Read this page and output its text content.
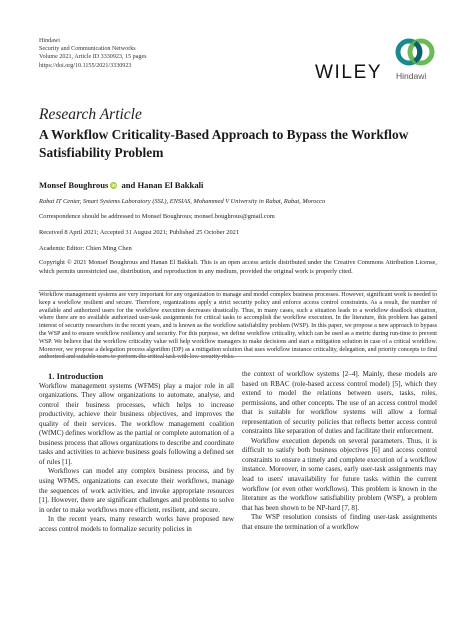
Hindawi
Security and Communication Networks
Volume 2021, Article ID 3330923, 15 pages
https://doi.org/10.1155/2021/3330923	WILEY Hindawi
Research Article
A Workflow Criticality-Based Approach to Bypass the Workflow Satisfiability Problem
Monsef Boughrous iD and Hanan El Bakkali
Rabat IT Center, Smart Systems Laboratory (SSL), ENSIAS, Mohammed V University in Rabat, Rabat, Morocco
Correspondence should be addressed to Monsef Boughrous; monsef.boughrous@gmail.com
Received 8 April 2021; Accepted 31 August 2021; Published 25 October 2021
Academic Editor: Chien Ming Chen
Copyright © 2021 Monsef Boughrous and Hanan El Bakkali. This is an open access article distributed under the Creative Commons Attribution License, which permits unrestricted use, distribution, and reproduction in any medium, provided the original work is properly cited.
Workflow management systems are very important for any organization to manage and model complex business processes. However, significant work is needed to keep a workflow resilient and secure. Therefore, organizations apply a strict security policy and enforce access control constraints. As a result, the number of available and authorized users for the workflow execution decreases drastically. Thus, in many cases, such a situation leads to a workflow deadlock situation, where there are no available authorized user-task assignments for critical tasks to accomplish the workflow execution. In the literature, this problem has gained interest of security researchers in the recent years, and is known as the workflow satisfiability problem (WSP). In this paper, we propose a new approach to bypass the WSP and to ensure workflow resiliency and security. For this purpose, we define workflow criticality, which can be used as a metric during run-time to prevent WSP. We believe that the workflow criticality value will help workflow managers to make decisions and start a mitigation solution in case of a critical workflow. Moreover, we propose a delegation process algorithm (DP) as a mitigation solution that uses workflow instance criticality, delegation, and priority concepts to find authorized and suitable users to perform the critical task with low-security risks.

1. Introduction

Workflow management systems (WFMS) play a major role in all organizations. They allow organizations to automate, analyse, and control their business processes, which helps to increase productivity, achieve their business objectives, and improves the quality of their services. The workflow management coalition (WfMC) defines workflow as the partial or complete automation of a business process that allows organizations to describe and coordinate tasks and activities to achieve business goals following a defined set of rules [1].

Workflows can model any complex business process, and by using WFMS, organizations can execute their workflows, manage the sequences of work activities, and invoke appropriate resources [1]. However, there are significant challenges and problems to solve in order to make workflows more efficient, resilient, and secure.

In the recent years, many research works have proposed new access control models to formalize security policies in

the context of workflow systems [2–4]. Mainly, these models are based on RBAC (role-based access control model) [5], which they extend to model the relations between users, tasks, roles, permissions, and other concepts. The use of an access control model that is suitable for workflow systems will allow a formal representation of security policies that reflects better access control constraints like separation of duties and facilitate their enforcement.

Workflow execution depends on several parameters. Thus, it is difficult to satisfy both business objectives [6] and access control constraints to ensure a timely and complete execution of a workflow instance. Moreover, in some cases, early user-task assignments may lead to users' unavailability for future tasks within the current workflow (or even other workflows). This problem is known in the literature as the workflow satisfiability problem (WSP), a problem that has been shown to be NP-hard [7, 8].

The WSP resolution consists of finding user-task assignments that ensure the termination of a workflow
